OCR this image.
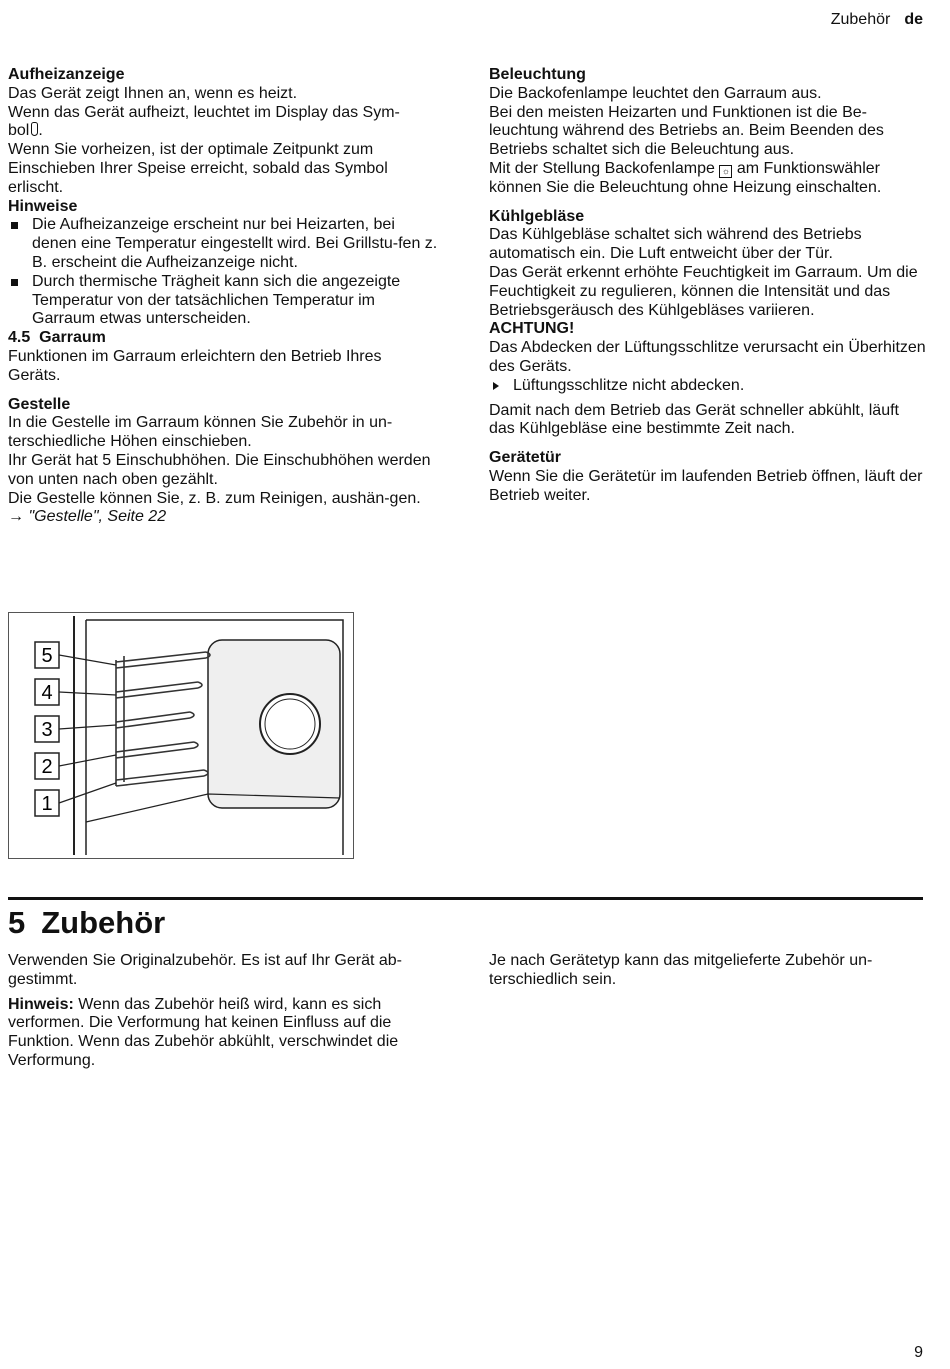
Zubehör de

Aufheizanzeige

Das Gerät zeigt Ihnen an, wenn es heizt.

Wenn das Gerät aufheizt, leuchtet im Display das Sym-
bol .

Wenn Sie vorheizen, ist der optimale Zeitpunkt zum Einschieben Ihrer Speise erreicht, sobald das Symbol erlischt.

Hinweise

Die Aufheizanzeige erscheint nur bei Heizarten, bei denen eine Temperatur eingestellt wird. Bei Grillstu-fen z. B. erscheint die Aufheizanzeige nicht.
Durch thermische Trägheit kann sich die angezeigte Temperatur von der tatsächlichen Temperatur im Garraum etwas unterscheiden.

4.5 Garraum

Funktionen im Garraum erleichtern den Betrieb Ihres Geräts.

Gestelle

In die Gestelle im Garraum können Sie Zubehör in un-terschiedliche Höhen einschieben.

Ihr Gerät hat 5 Einschubhöhen. Die Einschubhöhen werden von unten nach oben gezählt.

Die Gestelle können Sie, z. B. zum Reinigen, aushän-gen.

→ "Gestelle", Seite 22

5
4
3
2
1

Beleuchtung

Die Backofenlampe leuchtet den Garraum aus.

Bei den meisten Heizarten und Funktionen ist die Be-leuchtung während des Betriebs an. Beim Beenden des Betriebs schaltet sich die Beleuchtung aus.

Mit der Stellung Backofenlampe ☼ am Funktionswähler können Sie die Beleuchtung ohne Heizung einschalten.

Kühlgebläse

Das Kühlgebläse schaltet sich während des Betriebs automatisch ein. Die Luft entweicht über der Tür.

Das Gerät erkennt erhöhte Feuchtigkeit im Garraum. Um die Feuchtigkeit zu regulieren, können die Intensität und das Betriebsgeräusch des Kühlgebläses variieren.

ACHTUNG!

Das Abdecken der Lüftungsschlitze verursacht ein Überhitzen des Geräts.

Lüftungsschlitze nicht abdecken.

Damit nach dem Betrieb das Gerät schneller abkühlt, läuft das Kühlgebläse eine bestimmte Zeit nach.

Gerätetür

Wenn Sie die Gerätetür im laufenden Betrieb öffnen, läuft der Betrieb weiter.

5 Zubehör

Verwenden Sie Originalzubehör. Es ist auf Ihr Gerät ab-gestimmt.

Hinweis: Wenn das Zubehör heiß wird, kann es sich verformen. Die Verformung hat keinen Einfluss auf die Funktion. Wenn das Zubehör abkühlt, verschwindet die Verformung.

Je nach Gerätetyp kann das mitgelieferte Zubehör un-terschiedlich sein.

9
